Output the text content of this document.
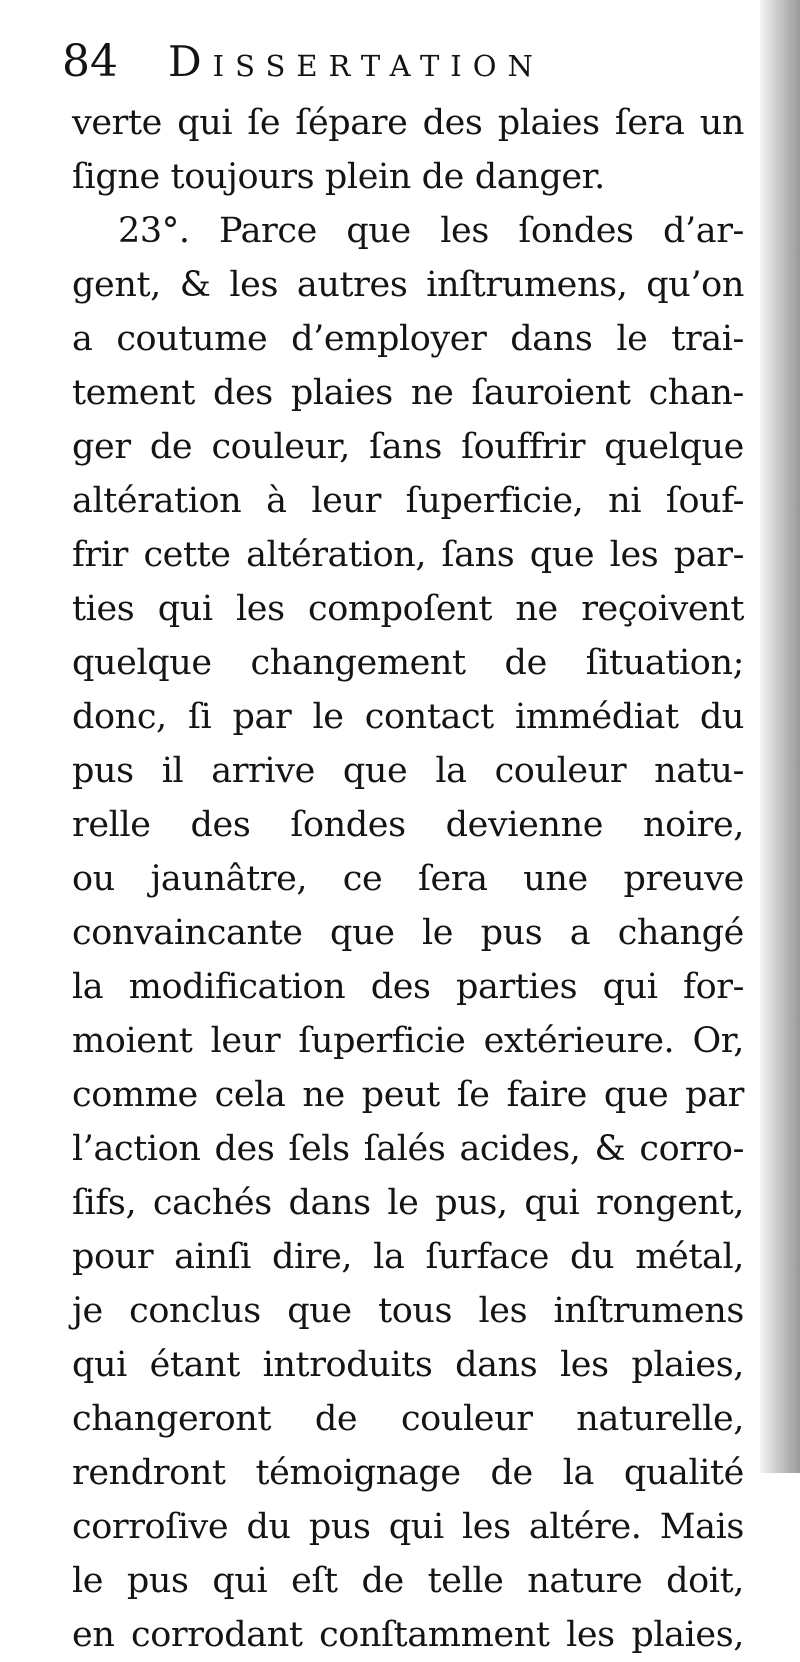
84 Dissertation
verte qui ſe ſépare des plaies ſera un
ſigne toujours plein de danger.
23°. Parce que les ſondes d’ar-
gent, & les autres inſtrumens, qu’on
a coutume d’employer dans le trai-
tement des plaies ne ſauroient chan-
ger de couleur, ſans ſouffrir quelque
altération à leur ſuperficie, ni ſouf-
frir cette altération, ſans que les par-
ties qui les compoſent ne reçoivent
quelque changement de ſituation;
donc, ſi par le contact immédiat du
pus il arrive que la couleur natu-
relle des ſondes devienne noire,
ou jaunâtre, ce ſera une preuve
convaincante que le pus a changé
la modification des parties qui for-
moient leur ſuperficie extérieure. Or,
comme cela ne peut ſe faire que par
l’action des ſels ſalés acides, & corro-
ſifs, cachés dans le pus, qui rongent,
pour ainſi dire, la ſurface du métal,
je conclus que tous les inſtrumens
qui étant introduits dans les plaies,
changeront de couleur naturelle,
rendront témoignage de la qualité
corroſive du pus qui les altére. Mais
le pus qui eſt de telle nature doit,
en corrodant conſtamment les plaies,
